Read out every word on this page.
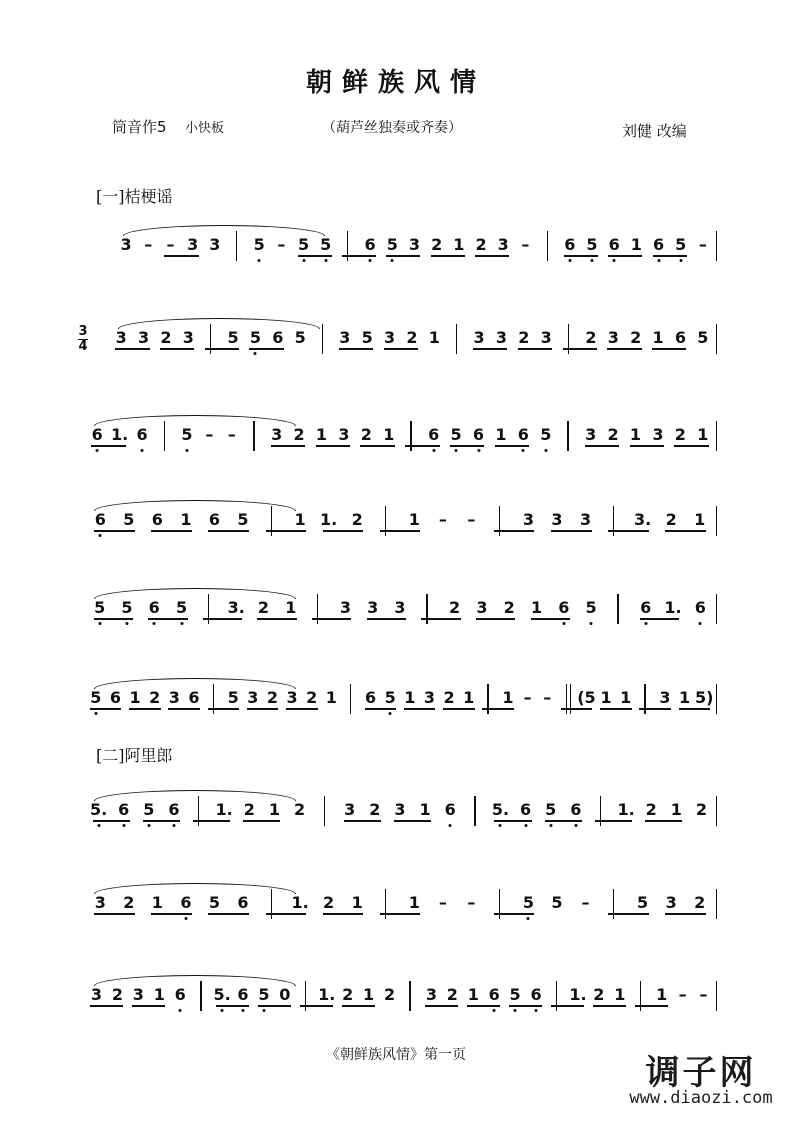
朝鲜族风情
筒音作5 小快板	（葫芦丝独奏或齐奏）	刘健 改编
[一]桔梗谣
[二]阿里郎
3
4
3 – – 3 3 5 – 5 5 6 5 3 2 1 2 3 – 6 5 6 1 6 5 –
3 3 2 3 5 5 6 5 3 5 3 2 1 3 3 2 3 2 3 2 1 6 5
6 1. 6 5 – – 3 2 1 3 2 1 6 5 6 1 6 5 3 2 1 3 2 1
6 5 6 1 6 5	1 1. 2	1 – –	3 3 3	3. 2 1
5 5 6 5	3. 2 1	3 3 3	2 3 2 1 6 5	6 1. 6
5 6 1 2 3 6 5 3 2 3 2 1 6 5 1 3 2 1 1 – – (5 1 1 3 1 5)
5. 6 5 6 1. 2 1 2 3 2 3 1 6 5. 6 5 6 1. 2 1 2
3 2 1 6 5 6	1. 2 1	1 – –	5 5 –	5 3 2
3 2 3 1 6 5. 6 5 0 1. 2 1 2 3 2 1 6 5 6 1. 2 1 1 – –
《朝鲜族风情》第一页	调子网
www.diaozi.com
